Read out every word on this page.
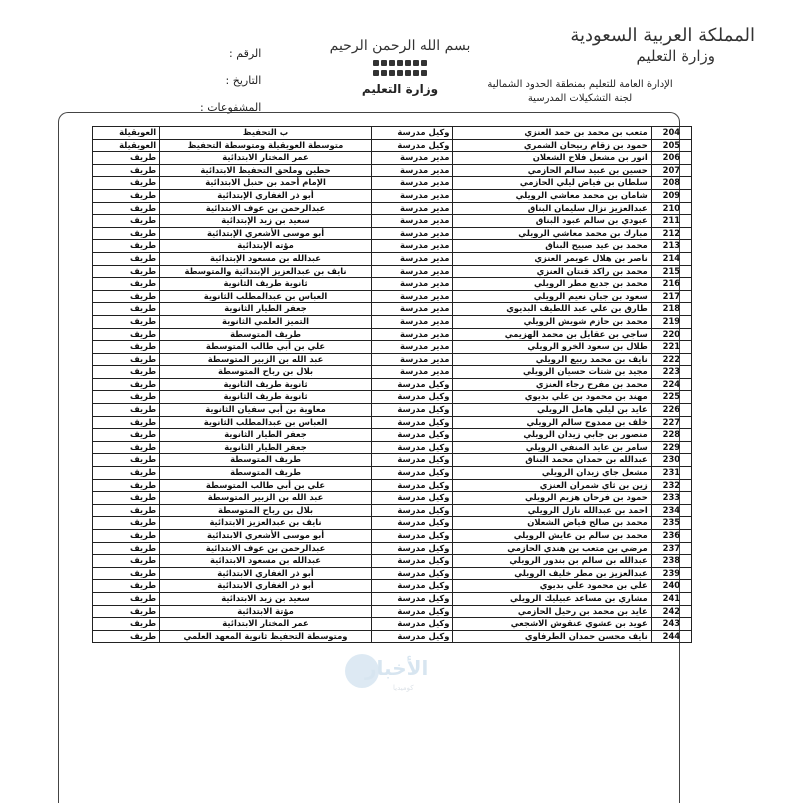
المملكة العربية السعودية
وزارة التعليم
الإدارة العامة للتعليم بمنطقة الحدود الشمالية
لجنة التشكيلات المدرسية
بسم الله الرحمن الرحيم
وزارة التعليم
الرقم :
التاريخ :
المشفوعات :
204	متعب بن محمد بن حمد العنزي	وكيل مدرسة	ب التحفيظ	العويقيلة
205	حمود بن زقام ربيحان الشمري	وكيل مدرسة	متوسطة العويقيلة ومتوسطة التحفيظ	العويقيلة
206	انور بن مشعل فلاح الشعلان	مدير مدرسة	عمر المختار الابتدائية	طريف
207	حسين بن عبيد سالم الحازمي	مدير مدرسة	حطين وملحق التحفيظ الابتدائية	طريف
208	سلطان بن فياض ليلي الحازمي	مدير مدرسة	الإمام أحمد بن حنبل الابتدائية	طريف
209	شامان بن محمد معاشي الرويلي	مدير مدرسة	أبو ذر الغفاري الإبتدائية	طريف
210	عبدالعزيز نزال سليمان البناق	مدير مدرسة	عبدالرحمن بن عوف الابتدائية	طريف
211	عبودي بن سالم عبود البناق	مدير مدرسة	سعيد بن زيد الإبتدائية	طريف
212	مبارك بن محمد معاشي الرويلي	مدير مدرسة	أبو موسى الأشعري الإبتدائية	طريف
213	محمد بن عيد صبيح البناق	مدير مدرسة	مؤته الإبتدائية	طريف
214	ناصر بن هلال عويمر العنزي	مدير مدرسة	عبدالله بن مسعود الإبتدائية	طريف
215	محمد بن راكد قنتان العنزي	مدير مدرسة	نايف بن عبدالعزيز الإبتدائية والمتوسطة	طريف
216	محمد بن جديع مطر الرويلي	مدير مدرسة	ثانوية طريف الثانوية	طريف
217	سعود بن جبان نعيم الرويلي	مدير مدرسة	العباس بن عبدالمطلب الثانوية	طريف
218	طارق بن علي عبد اللطيف البديوي	مدير مدرسة	جعفر الطيار الثانوية	طريف
219	محمد بن حازم شويش الرويلي	مدير مدرسة	التميز العلمي الثانوية	طريف
220	ساجي بن عقايل بن محمد الهزيمي	مدير مدرسة	طريف المتوسطة	طريف
221	طلال بن سعود الخرو الرويلي	مدير مدرسة	علي بن أبي طالب المتوسطة	طريف
222	نايف بن محمد ربيع الرويلي	مدير مدرسة	عبد الله بن الزبير المتوسطة	طريف
223	مجيد بن شتات حسيان الرويلي	مدير مدرسة	بلال بن رباح المتوسطة	طريف
224	محمد بن مفرح رجاء العنزي	وكيل مدرسة	ثانوية طريف الثانوية	طريف
225	مهند بن محمود بن علي بديوي	وكيل مدرسة	ثانوية طريف الثانوية	طريف
226	عايد بن ليلي هامل الرويلي	وكيل مدرسة	معاوية بن أبي سفيان الثانوية	طريف
227	خلف بن ممدوح سالم الرويلي	وكيل مدرسة	العباس بن عبدالمطلب الثانوية	طريف
228	منصور بن جابي زيدان الرويلي	وكيل مدرسة	جعفر الطيار الثانوية	طريف
229	سامر بن عايد المنفي الرويلي	وكيل مدرسة	جعفر الطيار الثانوية	طريف
230	عبدالله بن حمدان محمد البناق	وكيل مدرسة	طريف المتوسطة	طريف
231	مشعل جاي زيدان الرويلي	وكيل مدرسة	طريف المتوسطة	طريف
232	زين بن ثاي شمران العنزي	وكيل مدرسة	علي بن أبي طالب المتوسطة	طريف
233	حمود بن فرحان هزيم الرويلي	وكيل مدرسة	عبد الله بن الزبير المتوسطة	طريف
234	احمد بن عبدالله نازل الرويلي	وكيل مدرسة	بلال بن رباح المتوسطة	طريف
235	محمد بن صالح فياض الشعلان	وكيل مدرسة	نايف بن عبدالعزيز الابتدائية	طريف
236	محمد بن سالم بن عايش الرويلي	وكيل مدرسة	أبو موسى الأشعري الابتدائية	طريف
237	مرضي بن متعب بن هندي الحازمي	وكيل مدرسة	عبدالرحمن بن عوف الابتدائية	طريف
238	عبدالله بن سالم بن بندور الرويلي	وكيل مدرسة	عبدالله بن مسعود الابتدائية	طريف
239	عبدالعزيز بن مطر خليف الرويلي	وكيل مدرسة	أبو ذر الغفاري الابتدائية	طريف
240	علي بن محمود علي بديوي	وكيل مدرسة	أبو ذر الغفاري الابتدائية	طريف
241	مشاري بن مساعد عبيليك الرويلي	وكيل مدرسة	سعيد بن زيد الابتدائية	طريف
242	عايد بن محمد بن رحيل الحازمي	وكيل مدرسة	مؤتة الابتدائية	طريف
243	عويد بن عشوي عنقوش الاشجعي	وكيل مدرسة	عمر المختار الابتدائية	طريف
244	نايف محسن حمدان الطرفاوي	وكيل مدرسة	ومتوسطة التحفيظ ثانوية المعهد العلمي	طريف
الأخبار
كوميديا
